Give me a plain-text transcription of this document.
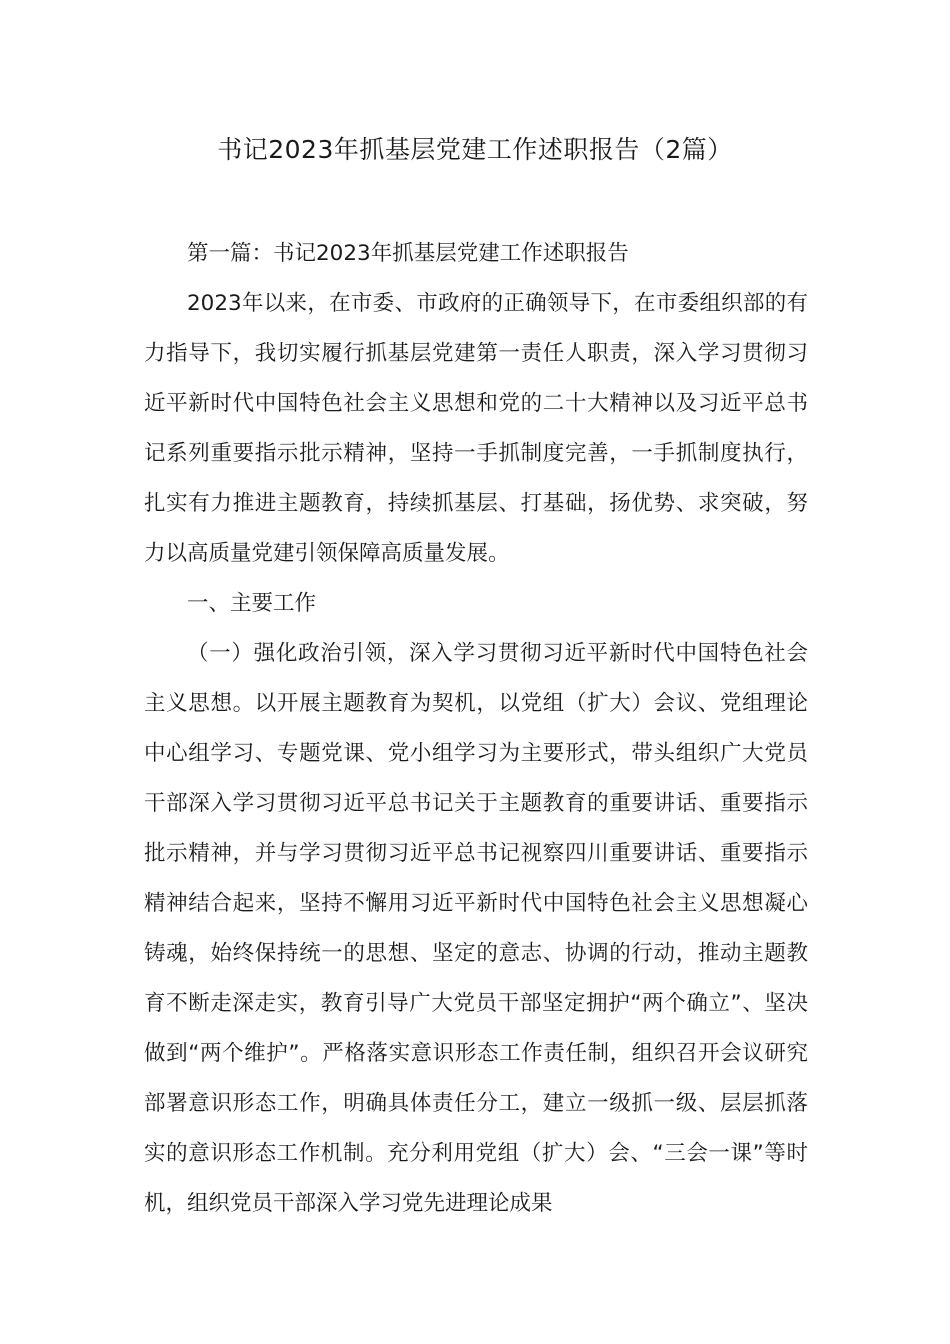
书记2023年抓基层党建工作述职报告（2篇）

第一篇：书记2023年抓基层党建工作述职报告

2023年以来，在市委、市政府的正确领导下，在市委组织部的有力指导下，我切实履行抓基层党建第一责任人职责，深入学习贯彻习近平新时代中国特色社会主义思想和党的二十大精神以及习近平总书记系列重要指示批示精神，坚持一手抓制度完善，一手抓制度执行，扎实有力推进主题教育，持续抓基层、打基础，扬优势、求突破，努力以高质量党建引领保障高质量发展。

一、主要工作

（一）强化政治引领，深入学习贯彻习近平新时代中国特色社会主义思想。以开展主题教育为契机，以党组（扩大）会议、党组理论中心组学习、专题党课、党小组学习为主要形式，带头组织广大党员干部深入学习贯彻习近平总书记关于主题教育的重要讲话、重要指示批示精神，并与学习贯彻习近平总书记视察四川重要讲话、重要指示精神结合起来，坚持不懈用习近平新时代中国特色社会主义思想凝心铸魂，始终保持统一的思想、坚定的意志、协调的行动，推动主题教育不断走深走实，教育引导广大党员干部坚定拥护“两个确立”、坚决做到“两个维护”。严格落实意识形态工作责任制，组织召开会议研究部署意识形态工作，明确具体责任分工，建立一级抓一级、层层抓落实的意识形态工作机制。充分利用党组（扩大）会、“三会一课”等时机，组织党员干部深入学习党先进理论成果
